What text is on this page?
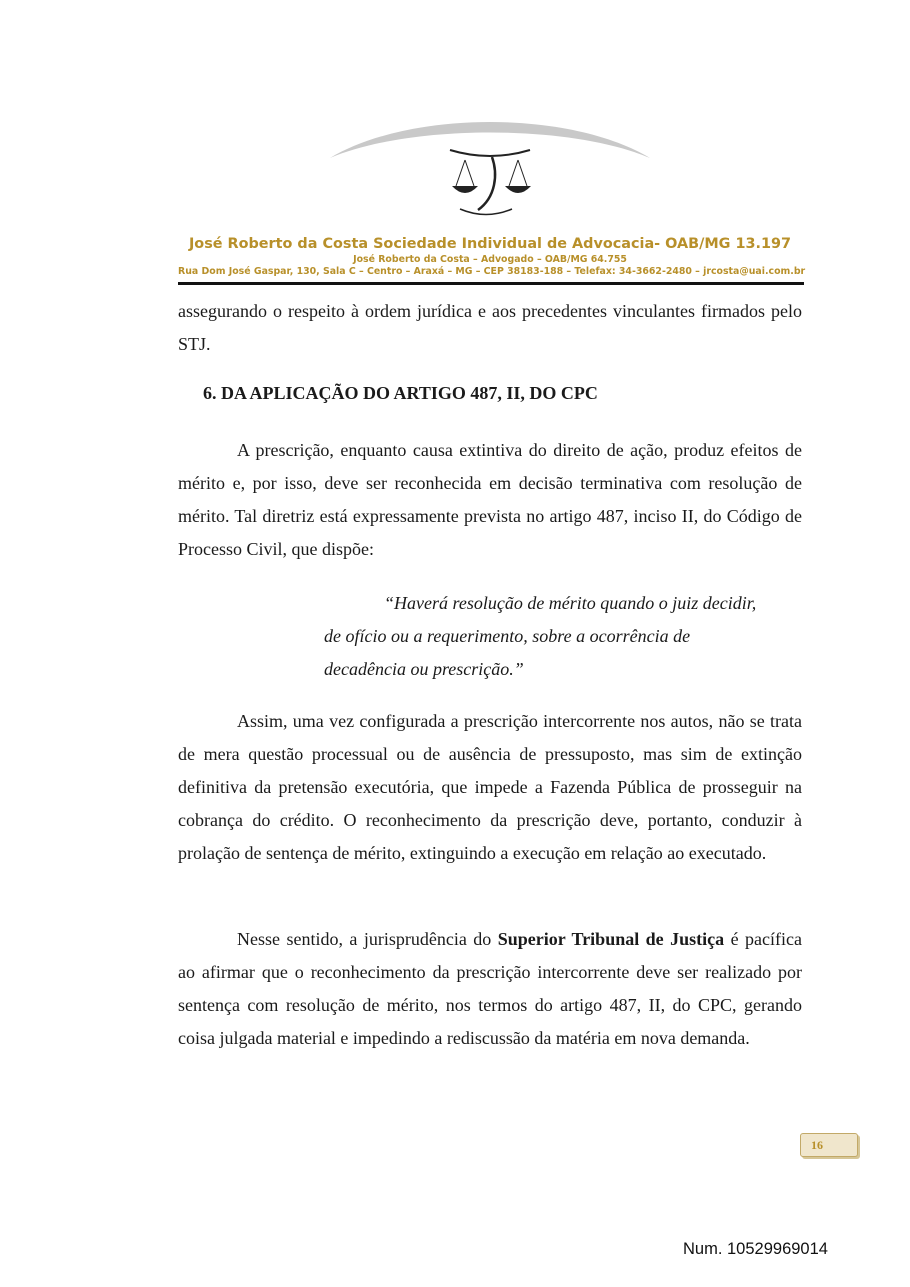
José Roberto da Costa Sociedade Individual de Advocacia- OAB/MG 13.197
José Roberto da Costa – Advogado – OAB/MG 64.755
Rua Dom José Gaspar, 130, Sala C – Centro – Araxá – MG – CEP 38183-188 – Telefax: 34-3662-2480 – jrcosta@uai.com.br

assegurando o respeito à ordem jurídica e aos precedentes vinculantes firmados pelo STJ.

6. DA APLICAÇÃO DO ARTIGO 487, II, DO CPC

A prescrição, enquanto causa extintiva do direito de ação, produz efeitos de mérito e, por isso, deve ser reconhecida em decisão terminativa com resolução de mérito. Tal diretriz está expressamente prevista no artigo 487, inciso II, do Código de Processo Civil, que dispõe:

“Haverá resolução de mérito quando o juiz decidir,
de ofício ou a requerimento, sobre a ocorrência de
decadência ou prescrição.”

Assim, uma vez configurada a prescrição intercorrente nos autos, não se trata de mera questão processual ou de ausência de pressuposto, mas sim de extinção definitiva da pretensão executória, que impede a Fazenda Pública de prosseguir na cobrança do crédito. O reconhecimento da prescrição deve, portanto, conduzir à prolação de sentença de mérito, extinguindo a execução em relação ao executado.

Nesse sentido, a jurisprudência do Superior Tribunal de Justiça é pacífica ao afirmar que o reconhecimento da prescrição intercorrente deve ser realizado por sentença com resolução de mérito, nos termos do artigo 487, II, do CPC, gerando coisa julgada material e impedindo a rediscussão da matéria em nova demanda.

16
Num. 10529969014
